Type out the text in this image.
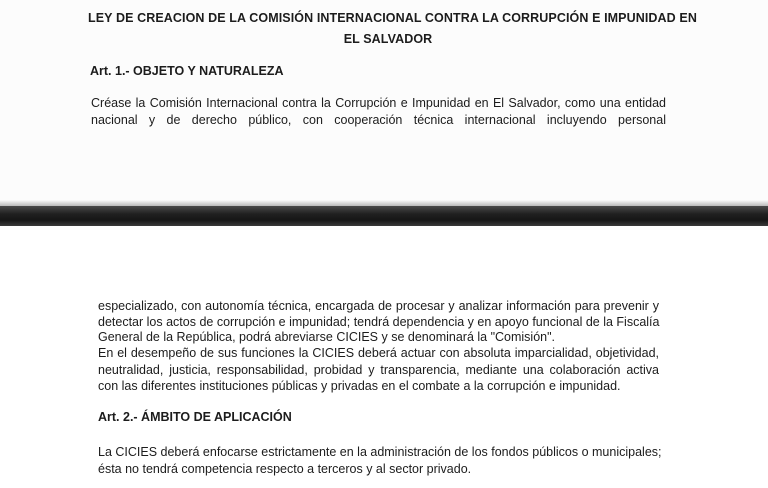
LEY DE CREACION DE LA COMISIÓN INTERNACIONAL CONTRA LA CORRUPCIÓN E IMPUNIDAD EN
EL SALVADOR
Art. 1.- OBJETO Y NATURALEZA
Créase la Comisión Internacional contra la Corrupción e Impunidad en El Salvador, como una entidad
nacional y de derecho público, con cooperación técnica internacional incluyendo personal
especializado, con autonomía técnica, encargada de procesar y analizar información para prevenir y
detectar los actos de corrupción e impunidad; tendrá dependencia y en apoyo funcional de la Fiscalía
General de la República, podrá abreviarse CICIES y se denominará la "Comisión".
En el desempeño de sus funciones la CICIES deberá actuar con absoluta imparcialidad, objetividad,
neutralidad, justicia, responsabilidad, probidad y transparencia, mediante una colaboración activa
con las diferentes instituciones públicas y privadas en el combate a la corrupción e impunidad.
Art. 2.- ÁMBITO DE APLICACIÓN
La CICIES deberá enfocarse estrictamente en la administración de los fondos públicos o municipales;
ésta no tendrá competencia respecto a terceros y al sector privado.
